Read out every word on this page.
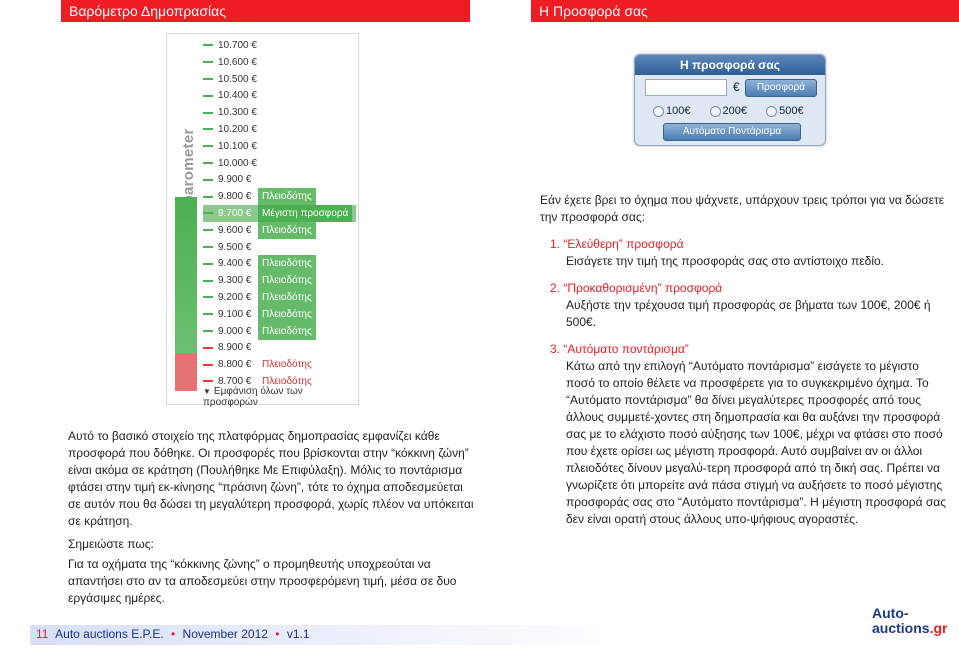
Βαρόμετρο Δημοπρασίας	Η Προσφορά σας
10.700 €
10.600 €
10.500 €
10.400 €
10.300 €
10.200 €
10.100 €
10.000 €
9.900 €
9.800 € Πλειοδότης
9.700 € Μέγιστη προσφορά
9.600 € Πλειοδότης
9.500 €
9.400 € Πλειοδότης
9.300 € Πλειοδότης
9.200 € Πλειοδότης
9.100 € Πλειοδότης
9.000 € Πλειοδότης
8.900 €
8.800 € Πλειοδότης
8.700 € Πλειοδότης
▼ Εμφάνιση όλων των προσφορών
Η προσφορά σας
€	Προσφορά
100€	200€	500€
Αυτόματο Ποντάρισμα

Αυτό το βασικό στοιχείο της πλατφόρμας δημοπρασίας εμφανίζει κάθε προσφορά που δόθηκε. Οι προσφορές που βρίσκονται στην “κόκκινη ζώνη” είναι ακόμα σε κράτηση (Πουλήθηκε Με Επιφύλαξη). Μόλις το ποντάρισμα φτάσει στην τιμή εκ-κίνησης “πράσινη ζώνη”, τότε το όχημα αποδεσμεύεται σε αυτόν που θα δώσει τη μεγαλύτερη προσφορά, χωρίς πλέον να υπόκειται σε κράτηση.

Σημειώστε πως:

Για τα οχήματα της “κόκκινης ζώνης” ο προμηθευτής υποχρεούται να απαντήσει στο αν τα αποδεσμεύει στην προσφερόμενη τιμή, μέσα σε δυο εργάσιμες ημέρες.

Εάν έχετε βρει το όχημα που ψάχνετε, υπάρχουν τρεις τρόποι για να δώσετε την προσφορά σας:

1. “Ελεύθερη” προσφορά
Εισάγετε την τιμή της προσφοράς σας στο αντίστοιχο πεδίο.
2. “Προκαθορισμένη” προσφορά
Αυξήστε την τρέχουσα τιμή προσφοράς σε βήματα των 100€, 200€ ή 500€.
3. “Αυτόματο ποντάρισμα”
Κάτω από την επιλογή “Αυτόματο ποντάρισμα” εισάγετε το μέγιστο ποσό το οποίο θέλετε να προσφέρετε για το συγκεκριμένο όχημα. Το “Αυτόματο ποντάρισμα” θα δίνει μεγαλύτερες προσφορές από τους άλλους συμμετέ-χοντες στη δημοπρασία και θα αυξάνει την προσφορά σας με το ελάχιστο ποσό αύξησης των 100€, μέχρι να φτάσει στο ποσό που έχετε ορίσει ως μέγιστη προσφορά. Αυτό συμβαίνει αν οι άλλοι πλειοδότες δίνουν μεγαλύ-τερη προσφορά από τη δική σας. Πρέπει να γνωρίζετε ότι μπορείτε ανά πάσα στιγμή να αυξήσετε το ποσό μέγιστης προσφοράς σας στο “Αυτόματο ποντάρισμα”. Η μέγιστη προσφορά σας δεν είναι ορατή στους άλλους υπο-ψήφιους αγοραστές.
11 Auto auctions E.P.E. • November 2012 • v1.1
Auto-
auctions.gr
